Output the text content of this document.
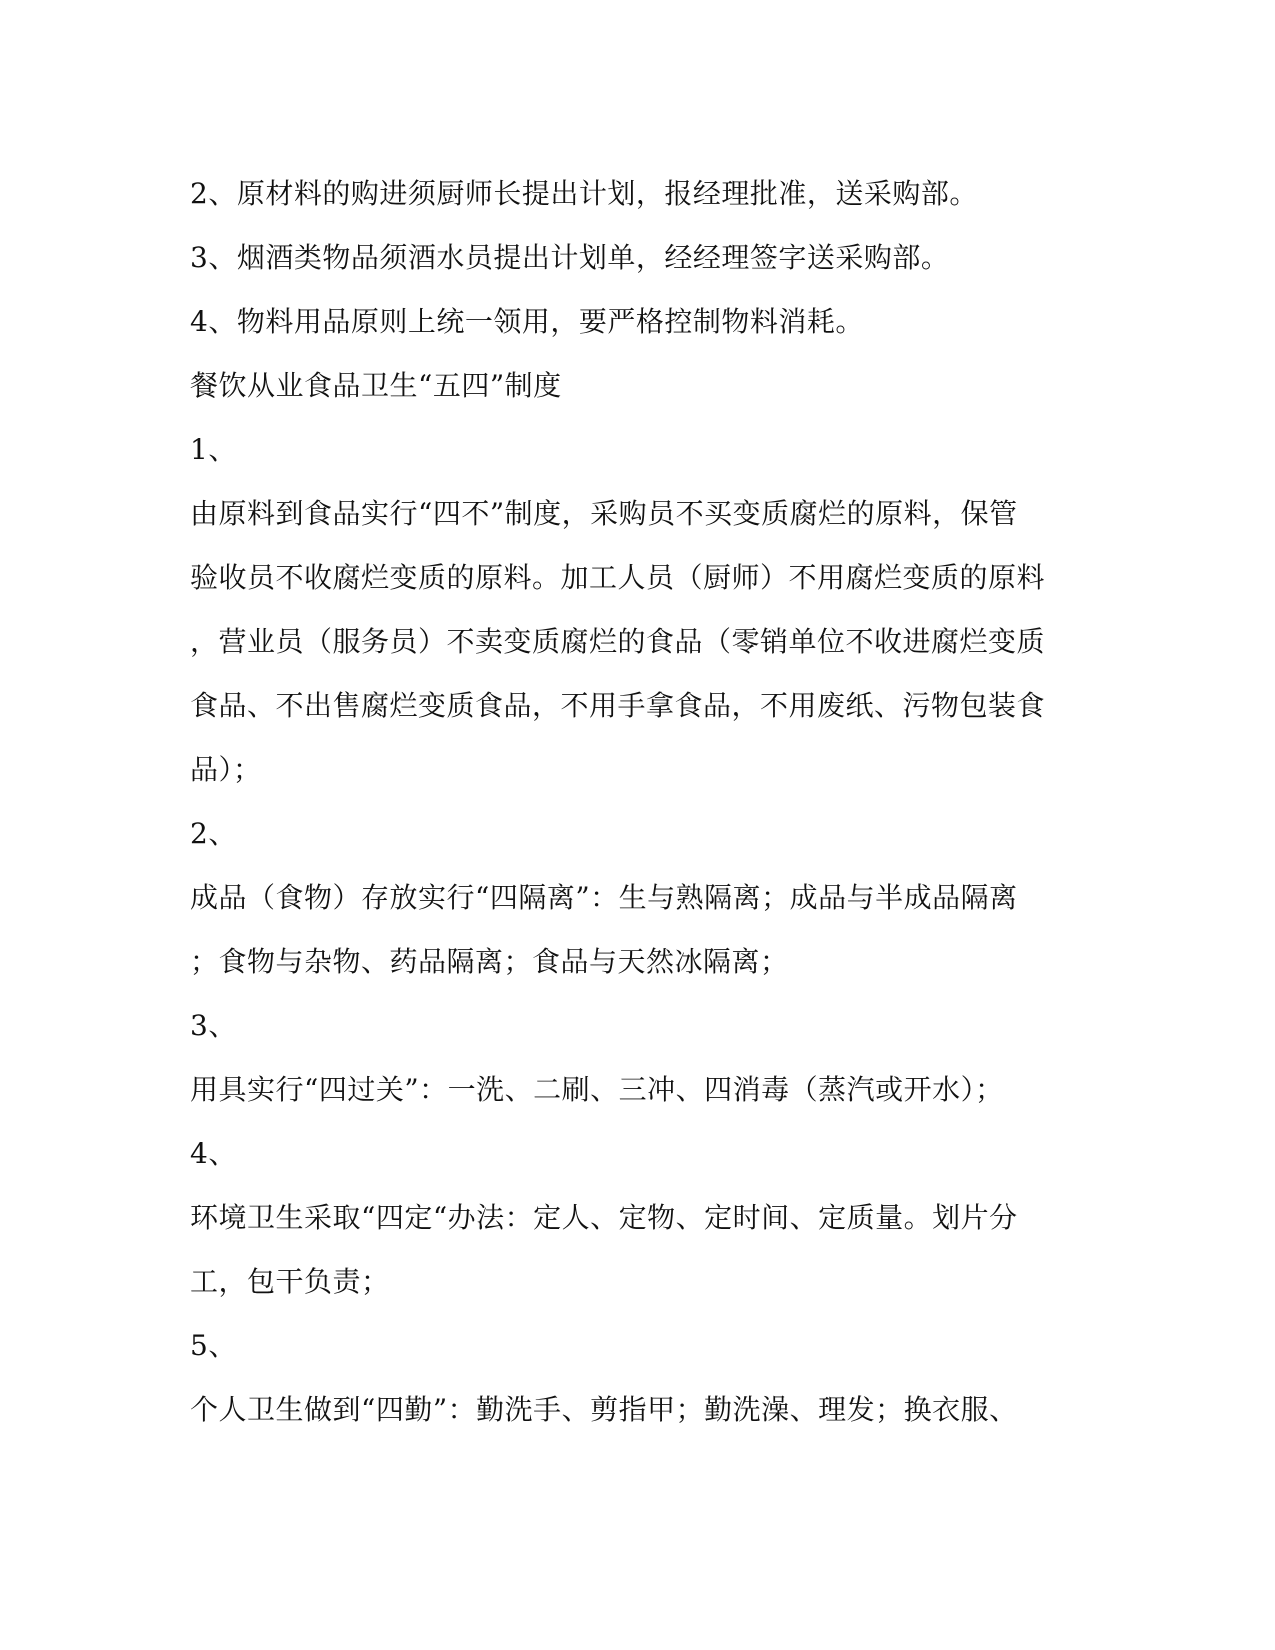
2、原材料的购进须厨师长提出计划，报经理批准，送采购部。
3、烟酒类物品须酒水员提出计划单，经经理签字送采购部。
4、物料用品原则上统一领用，要严格控制物料消耗。
餐饮从业食品卫生“五四”制度
1、
由原料到食品实行“四不”制度，采购员不买变质腐烂的原料，保管
验收员不收腐烂变质的原料。加工人员（厨师）不用腐烂变质的原料
，营业员（服务员）不卖变质腐烂的食品（零销单位不收进腐烂变质
食品、不出售腐烂变质食品，不用手拿食品，不用废纸、污物包装食
品）；
2、
成品（食物）存放实行“四隔离”：生与熟隔离；成品与半成品隔离
；食物与杂物、药品隔离；食品与天然冰隔离；
3、
用具实行“四过关”：一洗、二刷、三冲、四消毒（蒸汽或开水）；
4、
环境卫生采取“四定“办法：定人、定物、定时间、定质量。划片分
工，包干负责；
5、
个人卫生做到“四勤”：勤洗手、剪指甲；勤洗澡、理发；换衣服、
